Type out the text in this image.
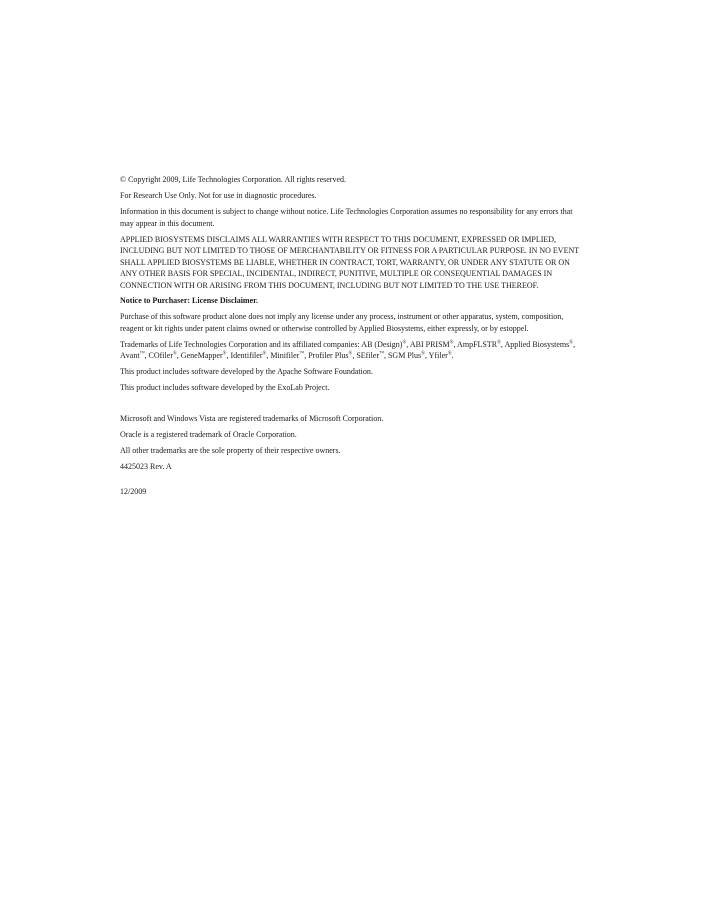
© Copyright 2009, Life Technologies Corporation. All rights reserved.

For Research Use Only. Not for use in diagnostic procedures.

Information in this document is subject to change without notice. Life Technologies Corporation assumes no responsibility for any errors that may appear in this document.

APPLIED BIOSYSTEMS DISCLAIMS ALL WARRANTIES WITH RESPECT TO THIS DOCUMENT, EXPRESSED OR IMPLIED, INCLUDING BUT NOT LIMITED TO THOSE OF MERCHANTABILITY OR FITNESS FOR A PARTICULAR PURPOSE. IN NO EVENT SHALL APPLIED BIOSYSTEMS BE LIABLE, WHETHER IN CONTRACT, TORT, WARRANTY, OR UNDER ANY STATUTE OR ON ANY OTHER BASIS FOR SPECIAL, INCIDENTAL, INDIRECT, PUNITIVE, MULTIPLE OR CONSEQUENTIAL DAMAGES IN CONNECTION WITH OR ARISING FROM THIS DOCUMENT, INCLUDING BUT NOT LIMITED TO THE USE THEREOF.

Notice to Purchaser: License Disclaimer.

Purchase of this software product alone does not imply any license under any process, instrument or other apparatus, system, composition, reagent or kit rights under patent claims owned or otherwise controlled by Applied Biosystems, either expressly, or by estoppel.

Trademarks of Life Technologies Corporation and its affiliated companies: AB (Design)®, ABI PRISM®, AmpFLSTR®, Applied Biosystems®, Avant™, COfiler®, GeneMapper®, Identifiler®, Minifiler™, Profiler Plus®, SEfiler™, SGM Plus®, Yfiler®.

This product includes software developed by the Apache Software Foundation.

This product includes software developed by the ExoLab Project.

Microsoft and Windows Vista are registered trademarks of Microsoft Corporation.

Oracle is a registered trademark of Oracle Corporation.

All other trademarks are the sole property of their respective owners.

4425023 Rev. A

12/2009
